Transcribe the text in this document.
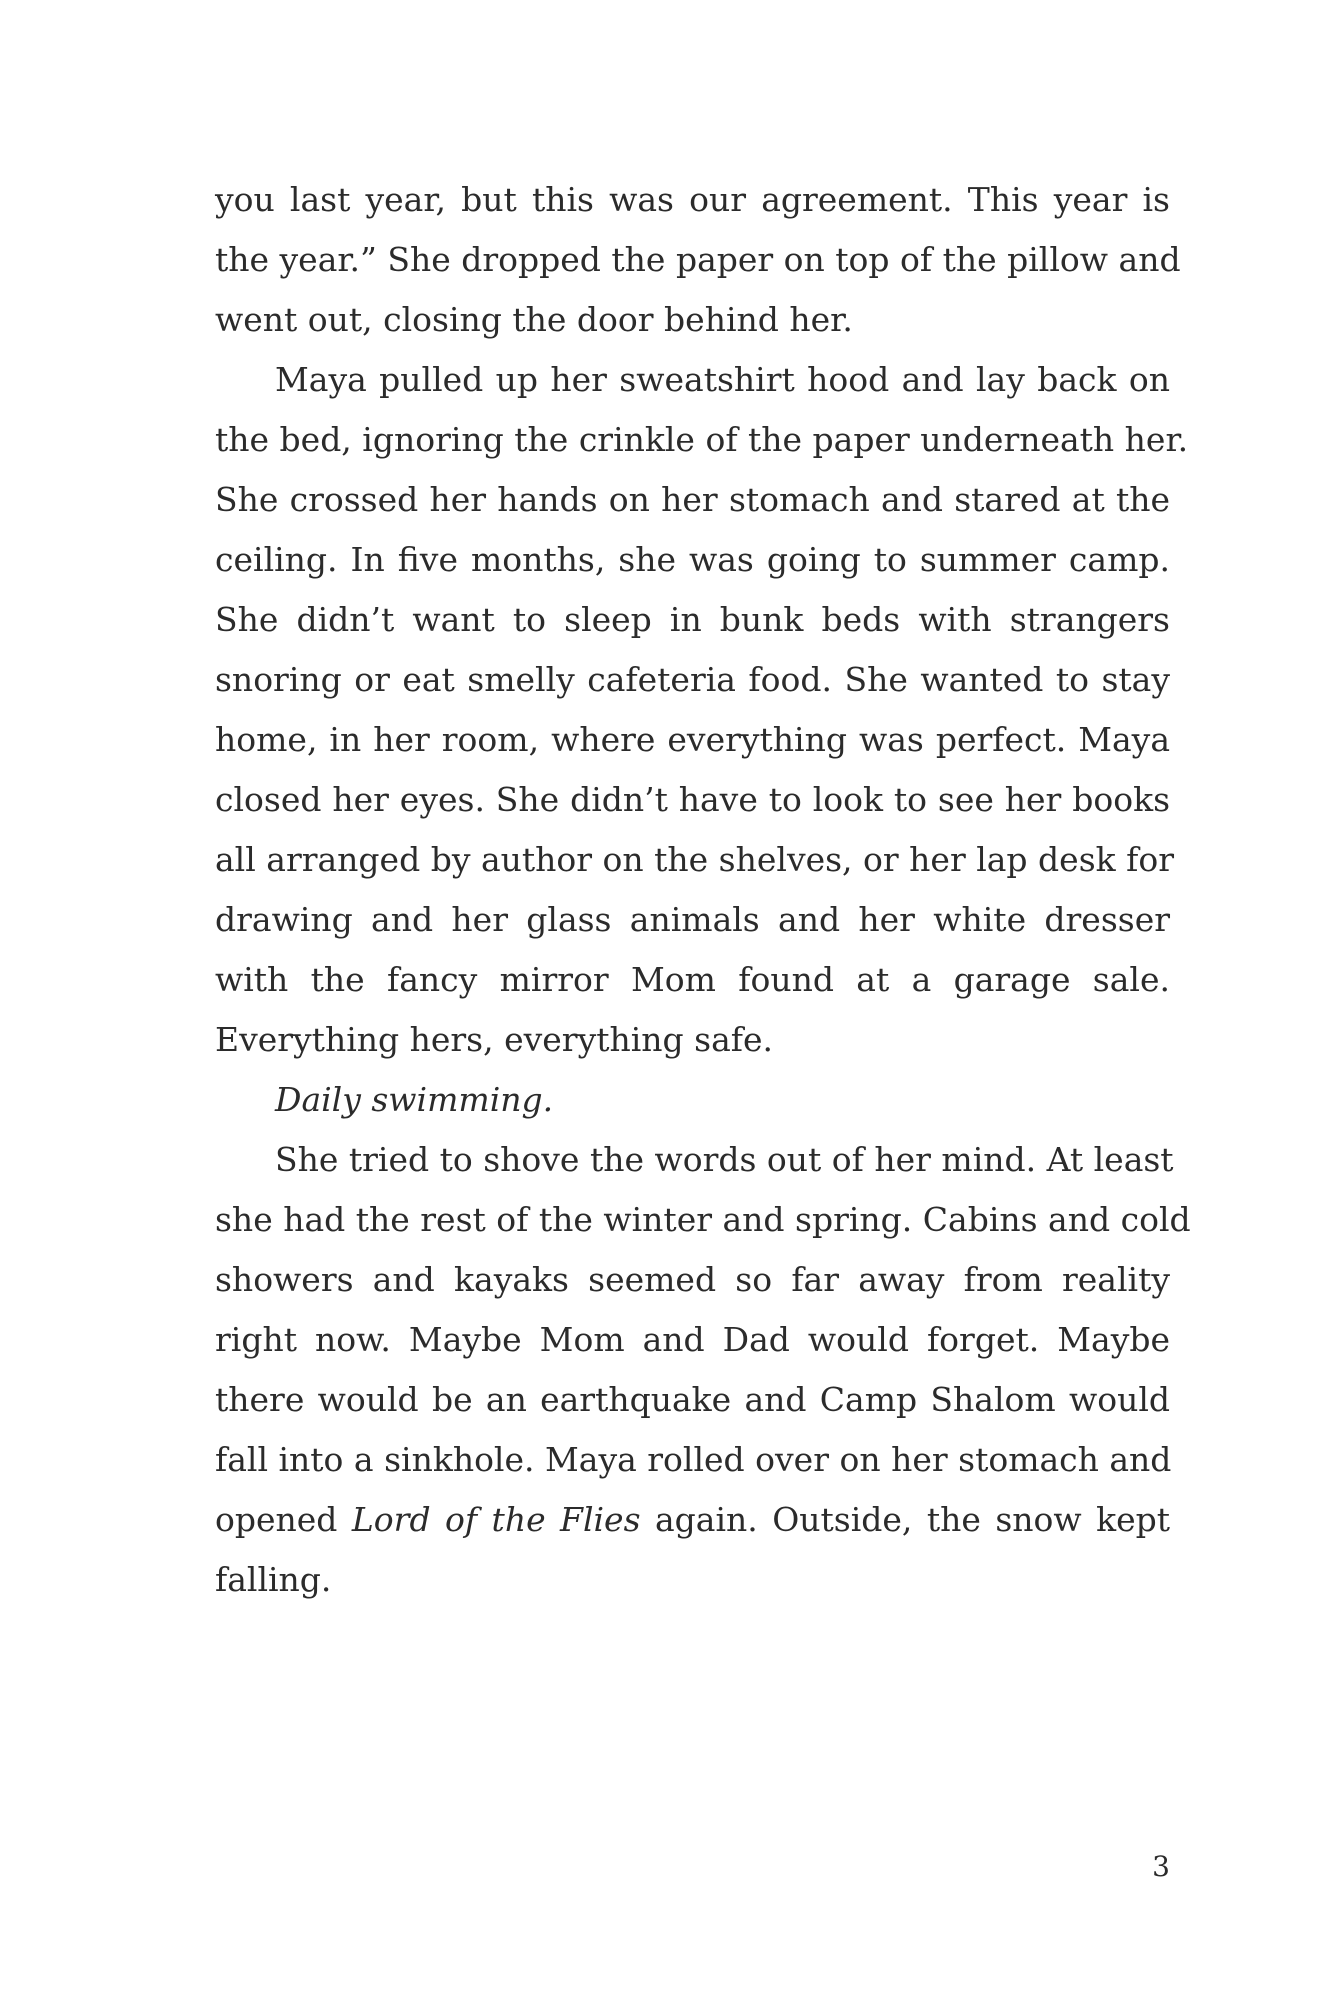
you last year, but this was our agreement. This year is
the year.” She dropped the paper on top of the pillow and
went out, closing the door behind her.
Maya pulled up her sweatshirt hood and lay back on
the bed, ignoring the crinkle of the paper underneath her.
She crossed her hands on her stomach and stared at the
ceiling. In five months, she was going to summer camp.
She didn’t want to sleep in bunk beds with strangers
snoring or eat smelly cafeteria food. She wanted to stay
home, in her room, where everything was perfect. Maya
closed her eyes. She didn’t have to look to see her books
all arranged by author on the shelves, or her lap desk for
drawing and her glass animals and her white dresser
with the fancy mirror Mom found at a garage sale.
Everything hers, everything safe.
Daily swimming.
She tried to shove the words out of her mind. At least
she had the rest of the winter and spring. Cabins and cold
showers and kayaks seemed so far away from reality
right now. Maybe Mom and Dad would forget. Maybe
there would be an earthquake and Camp Shalom would
fall into a sinkhole. Maya rolled over on her stomach and
opened Lord of the Flies again. Outside, the snow kept
falling.
3
